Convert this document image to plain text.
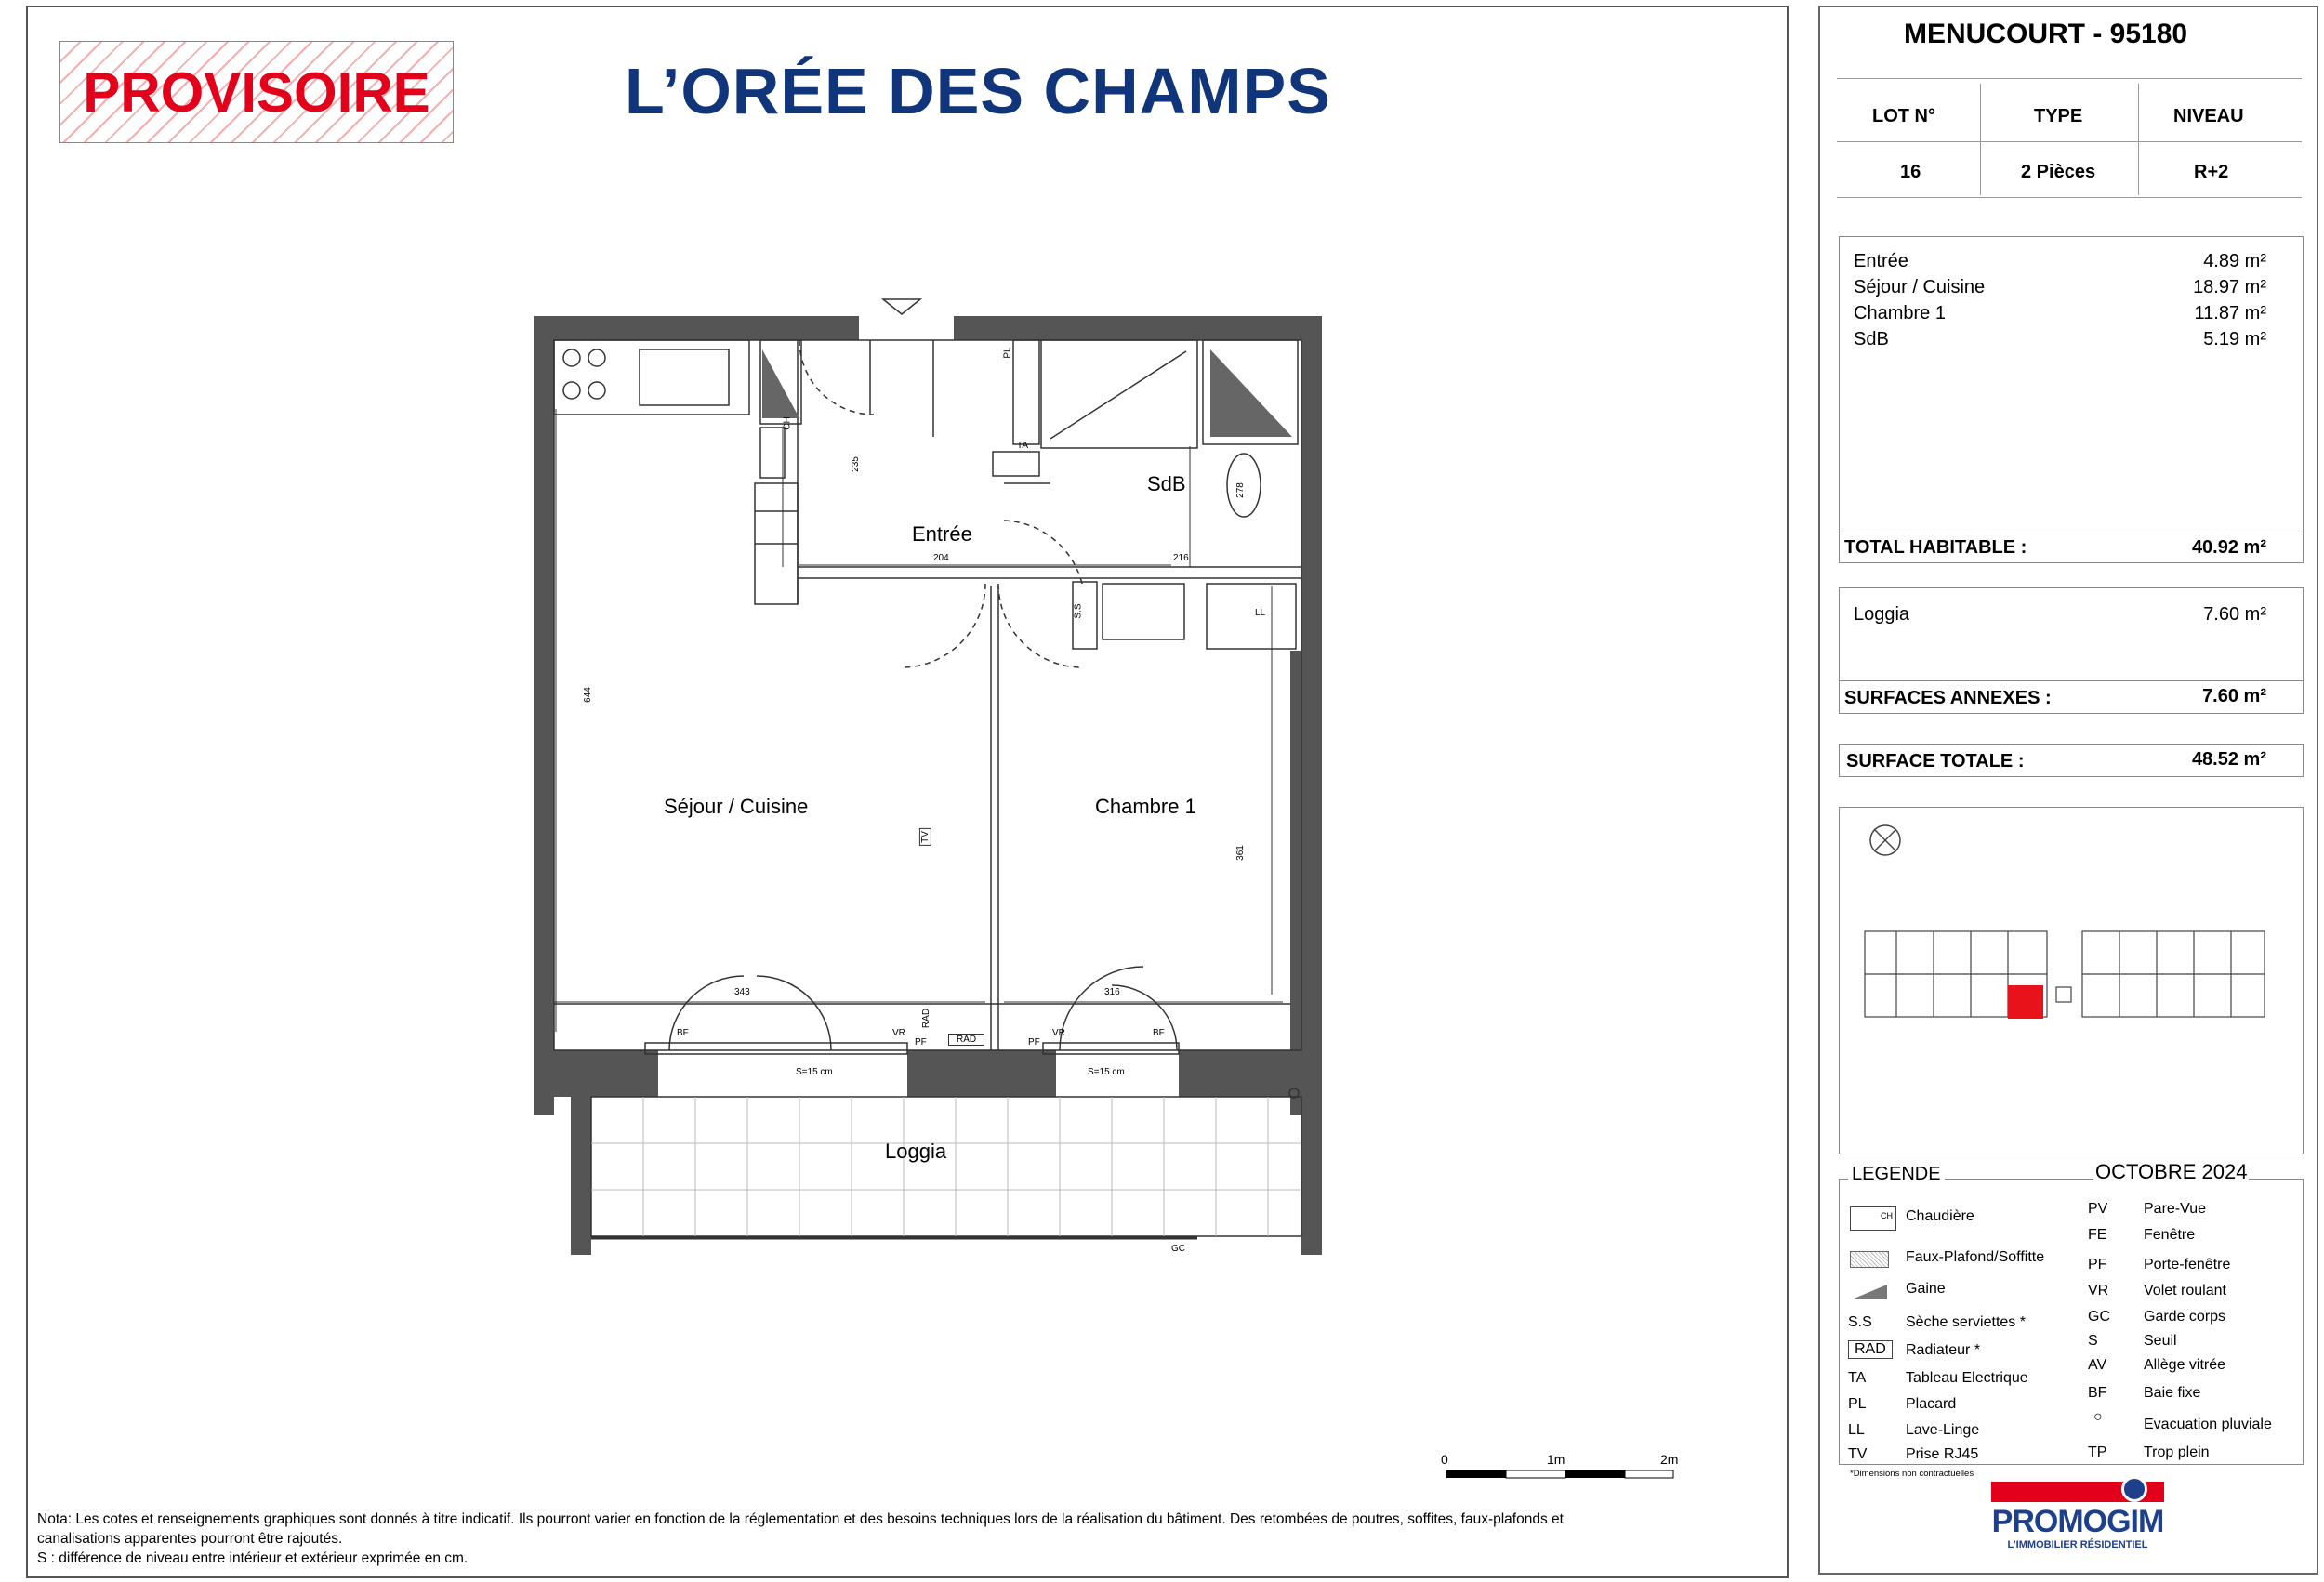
PROVISOIRE	L’ORÉE DES CHAMPS
Entrée
SdB
Séjour / Cuisine	Chambre 1
Loggia
204	216
235
278
644
361
343	316
PL
TA
CH
S.S	LL
TV
RAD
RAD
BF	VR
PF	PF
VR	BF
S=15 cm	S=15 cm
GC
0	1m	2m
Nota: Les cotes et renseignements graphiques sont donnés à titre indicatif. Ils pourront varier en fonction de la réglementation et des besoins techniques lors de la réalisation du bâtiment. Des retombées de poutres, soffites, faux-plafonds et
canalisations apparentes pourront être rajoutés.
S : différence de niveau entre intérieur et extérieur exprimée en cm.
MENUCOURT - 95180
LOT N°	TYPE	NIVEAU
16	2 Pièces	R+2
Entrée	4.89 m²
Séjour / Cuisine	18.97 m²
Chambre 1	11.87 m²
SdB	5.19 m²
TOTAL HABITABLE :	40.92 m²
Loggia	7.60 m²
SURFACES ANNEXES :	7.60 m²
SURFACE TOTALE :	48.52 m²
LEGENDE	OCTOBRE 2024
CH Chaudière
Faux-Plafond/Soffitte
Gaine
S.S Sèche serviettes *
RAD	Radiateur *
TA	Tableau Electrique
PL	Placard
LL	Lave-Linge
TV	Prise RJ45
PV Pare-Vue
FE Fenêtre
PF Porte-fenêtre
VR Volet roulant
GC Garde corps
S	Seuil
AV Allège vitrée
BF Baie fixe
○	Evacuation pluviale
TP Trop plein
*Dimensions non contractuelles
PROMOGIM
L’IMMOBILIER RÉSIDENTIEL
